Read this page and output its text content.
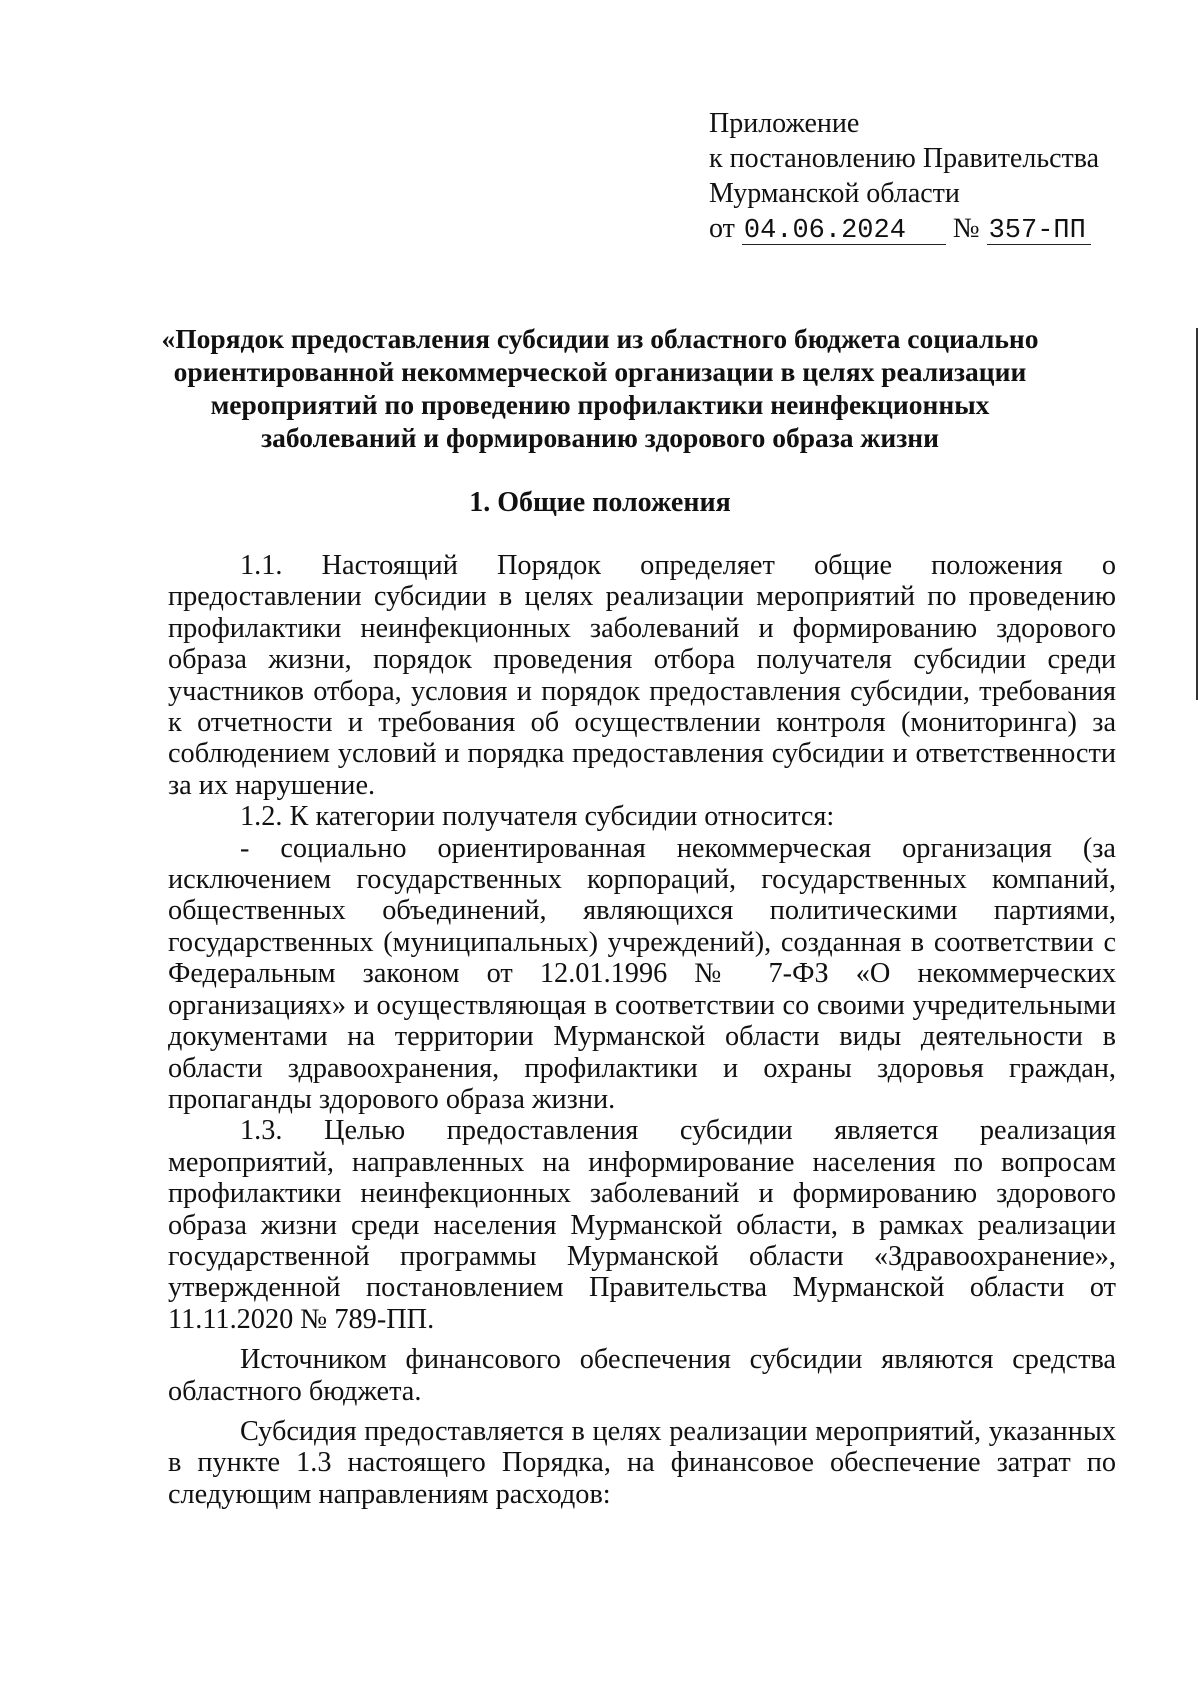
Приложение
к постановлению Правительства
Мурманской области
от 04.06.2024 № 357-ПП
«Порядок предоставления субсидии из областного бюджета социально ориентированной некоммерческой организации в целях реализации мероприятий по проведению профилактики неинфекционных заболеваний и формированию здорового образа жизни
1. Общие положения

1.1. Настоящий Порядок определяет общие положения о предоставлении субсидии в целях реализации мероприятий по проведению профилактики неинфекционных заболеваний и формированию здорового образа жизни, порядок проведения отбора получателя субсидии среди участников отбора, условия и порядок предоставления субсидии, требования к отчетности и требования об осуществлении контроля (мониторинга) за соблюдением условий и порядка предоставления субсидии и ответственности за их нарушение.

1.2. К категории получателя субсидии относится:

- социально ориентированная некоммерческая организация (за исключением государственных корпораций, государственных компаний, общественных объединений, являющихся политическими партиями, государственных (муниципальных) учреждений), созданная в соответствии с Федеральным законом от 12.01.1996 № 7-ФЗ «О некоммерческих организациях» и осуществляющая в соответствии со своими учредительными документами на территории Мурманской области виды деятельности в области здравоохранения, профилактики и охраны здоровья граждан, пропаганды здорового образа жизни.

1.3. Целью предоставления субсидии является реализация мероприятий, направленных на информирование населения по вопросам профилактики неинфекционных заболеваний и формированию здорового образа жизни среди населения Мурманской области, в рамках реализации государственной программы Мурманской области «Здравоохранение», утвержденной постановлением Правительства Мурманской области от 11.11.2020 № 789-ПП.

Источником финансового обеспечения субсидии являются средства областного бюджета.

Субсидия предоставляется в целях реализации мероприятий, указанных в пункте 1.3 настоящего Порядка, на финансовое обеспечение затрат по следующим направлениям расходов:
